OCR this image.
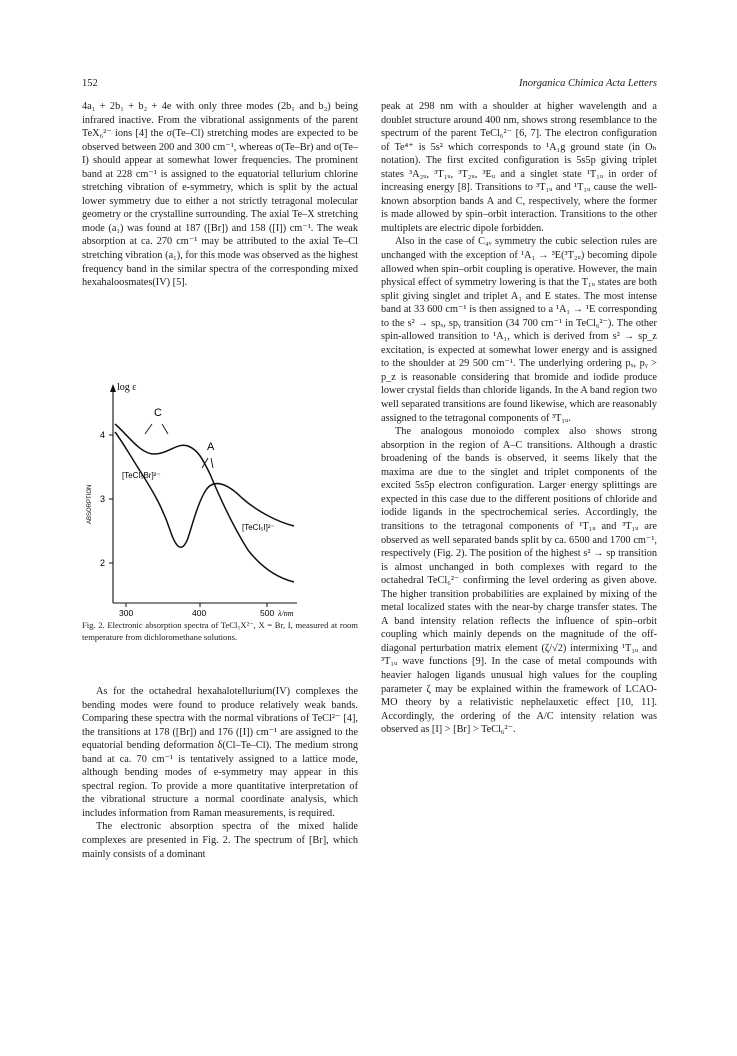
152	Inorganica Chimica Acta Letters

4a₁ + 2b₁ + b₂ + 4e with only three modes (2b₁ and b₂) being infrared inactive. From the vibrational assignments of the parent TeX₆²⁻ ions [4] the σ(Te–Cl) stretching modes are expected to be observed between 200 and 300 cm⁻¹, whereas σ(Te–Br) and σ(Te–I) should appear at somewhat lower frequencies. The prominent band at 228 cm⁻¹ is assigned to the equatorial tellurium chlorine stretching vibration of e-symmetry, which is split by the actual lower symmetry due to either a not strictly tetragonal molecular geometry or the crystalline surrounding. The axial Te–X stretching mode (a₁) was found at 187 ([Br]) and 158 ([I]) cm⁻¹. The weak absorption at ca. 270 cm⁻¹ may be attributed to the axial Te–Cl stretching vibration (a₁), for this mode was observed as the highest frequency band in the similar spectra of the corresponding mixed hexahaloosmates(IV) [5].

log ε
4
3
2
ABSORPTION
300	400	500 λ/nm
C
A
[TeCl₅Br]²⁻
[TeCl₅I]²⁻
Fig. 2. Electronic absorption spectra of TeCl₅X²⁻, X = Br, I, measured at room temperature from dichloromethane solutions.

As for the octahedral hexahalotellurium(IV) complexes the bending modes were found to produce relatively weak bands. Comparing these spectra with the normal vibrations of TeCl²⁻ [4], the transitions at 178 ([Br]) and 176 ([I]) cm⁻¹ are assigned to the equatorial bending deformation δ(Cl–Te–Cl). The medium strong band at ca. 70 cm⁻¹ is tentatively assigned to a lattice mode, although bending modes of e-symmetry may appear in this spectral region. To provide a more quantitative interpretation of the vibrational structure a normal coordinate analysis, which includes information from Raman measurements, is required.

The electronic absorption spectra of the mixed halide complexes are presented in Fig. 2. The spectrum of [Br], which mainly consists of a dominant

peak at 298 nm with a shoulder at higher wavelength and a doublet structure around 400 nm, shows strong resemblance to the spectrum of the parent TeCl₆²⁻ [6, 7]. The electron configuration of Te⁴⁺ is 5s² which corresponds to ¹A₁g ground state (in Oₕ notation). The first excited configuration is 5s5p giving triplet states ³A₂ᵤ, ³T₁ᵤ, ³T₂ᵤ, ³Eᵤ and a singlet state ¹T₁ᵤ in order of increasing energy [8]. Transitions to ³T₁ᵤ and ¹T₁ᵤ cause the well-known absorption bands A and C, respectively, where the former is made allowed by spin–orbit interaction. Transitions to the other multiplets are electric dipole forbidden.

Also in the case of C₄ᵥ symmetry the cubic selection rules are unchanged with the exception of ¹A₁ → ³E(³T₂ᵤ) becoming dipole allowed when spin–orbit coupling is operative. However, the main physical effect of symmetry lowering is that the T₁ᵤ states are both split giving singlet and triplet A₁ and E states. The most intense band at 33 600 cm⁻¹ is then assigned to a ¹A₁ → ¹E corresponding to the s² → spₓ, spᵧ transition (34 700 cm⁻¹ in TeCl₆²⁻). The other spin-allowed transition to ¹A₁, which is derived from s² → sp_z excitation, is expected at somewhat lower energy and is assigned to the shoulder at 29 500 cm⁻¹. The underlying ordering pₓ, pᵧ > p_z is reasonable considering that bromide and iodide produce lower crystal fields than chloride ligands. In the A band region two well separated transitions are found likewise, which are reasonably assigned to the tetragonal components of ³T₁ᵤ.

The analogous monoiodo complex also shows strong absorption in the region of A–C transitions. Although a drastic broadening of the bands is observed, it seems likely that the maxima are due to the singlet and triplet components of the excited 5s5p electron configuration. Larger energy splittings are expected in this case due to the different positions of chloride and iodide ligands in the spectrochemical series. Accordingly, the transitions to the tetragonal components of ¹T₁ᵤ and ³T₁ᵤ are observed as well separated bands split by ca. 6500 and 1700 cm⁻¹, respectively (Fig. 2). The position of the highest s² → sp transition is almost unchanged in both complexes with regard to the octahedral TeCl₆²⁻ confirming the level ordering as given above. The higher transition probabilities are explained by mixing of the metal localized states with the near-by charge transfer states. The A band intensity relation reflects the influence of spin–orbit coupling which mainly depends on the magnitude of the off-diagonal perturbation matrix element (ζ/√2) intermixing ¹T₁ᵤ and ³T₁ᵤ wave functions [9]. In the case of metal compounds with heavier halogen ligands unusual high values for the coupling parameter ζ may be explained within the framework of LCAO-MO theory by a relativistic nephelauxetic effect [10, 11]. Accordingly, the ordering of the A/C intensity relation was observed as [I] > [Br] > TeCl₆²⁻.
